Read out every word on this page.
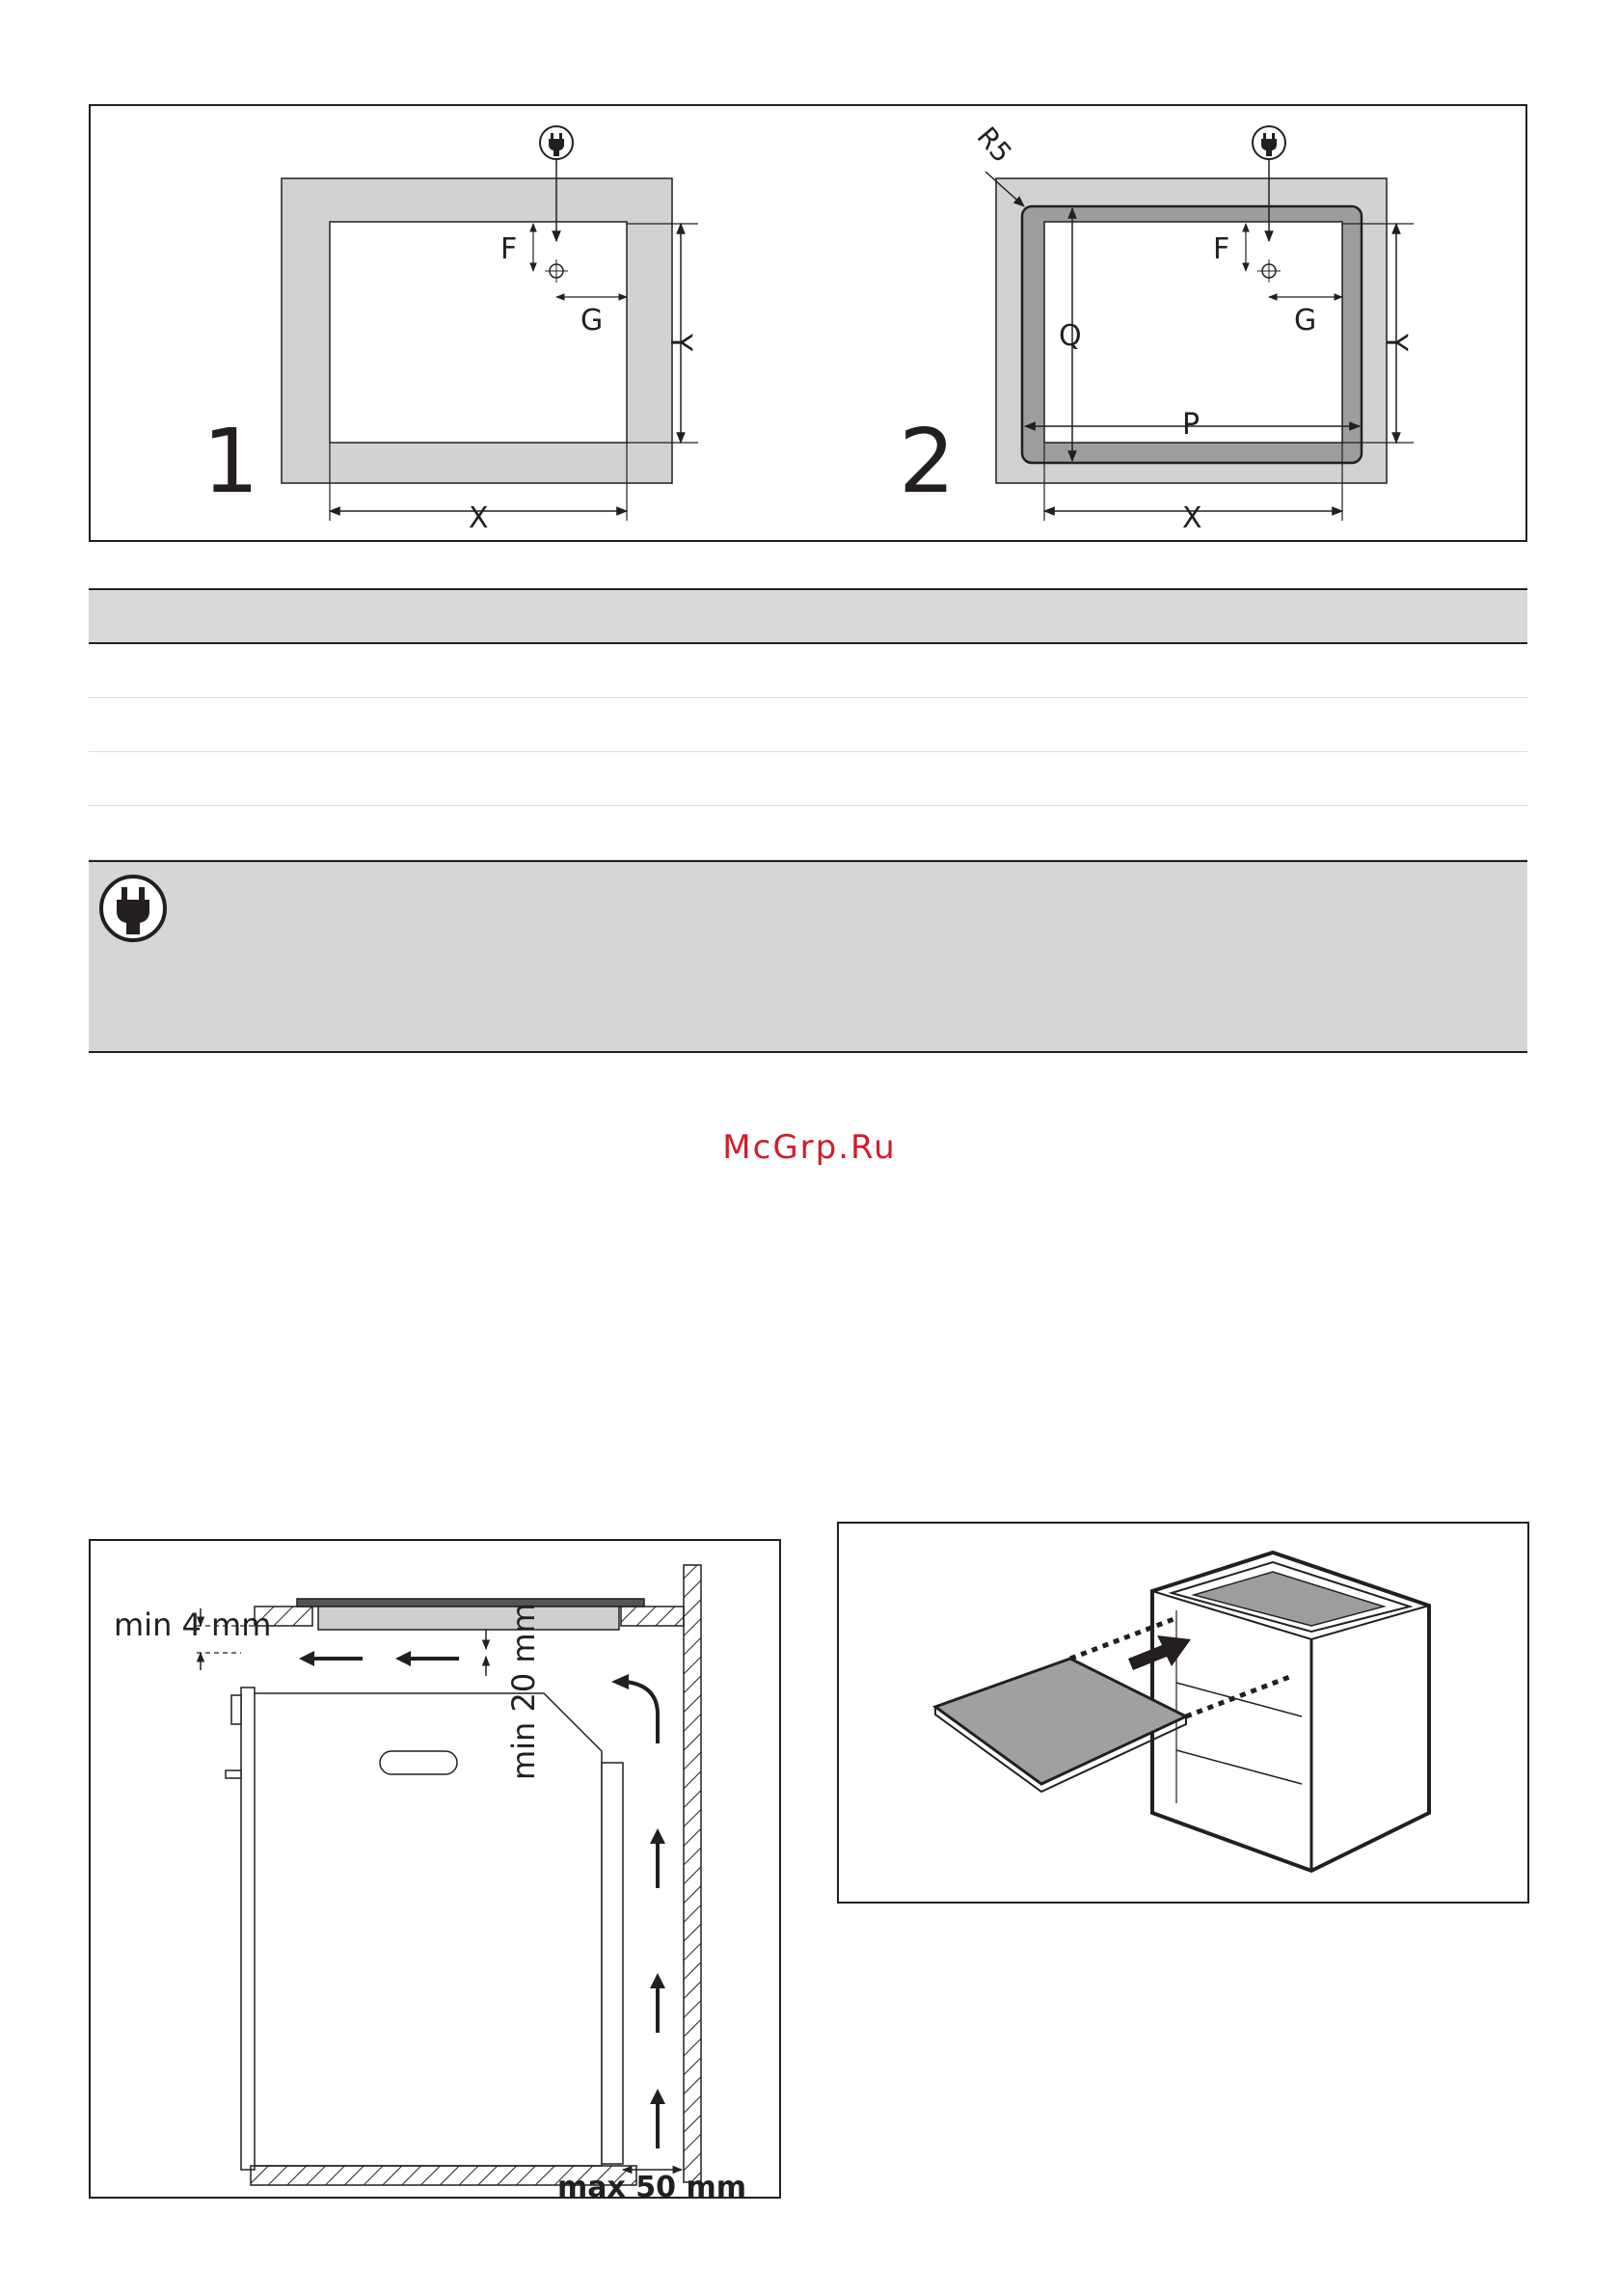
1
F
G
Y
X
2
R5
F
G
Q
P
Y
X
McGrp.Ru
min 4 mm	min 20 mm
max 50 mm
